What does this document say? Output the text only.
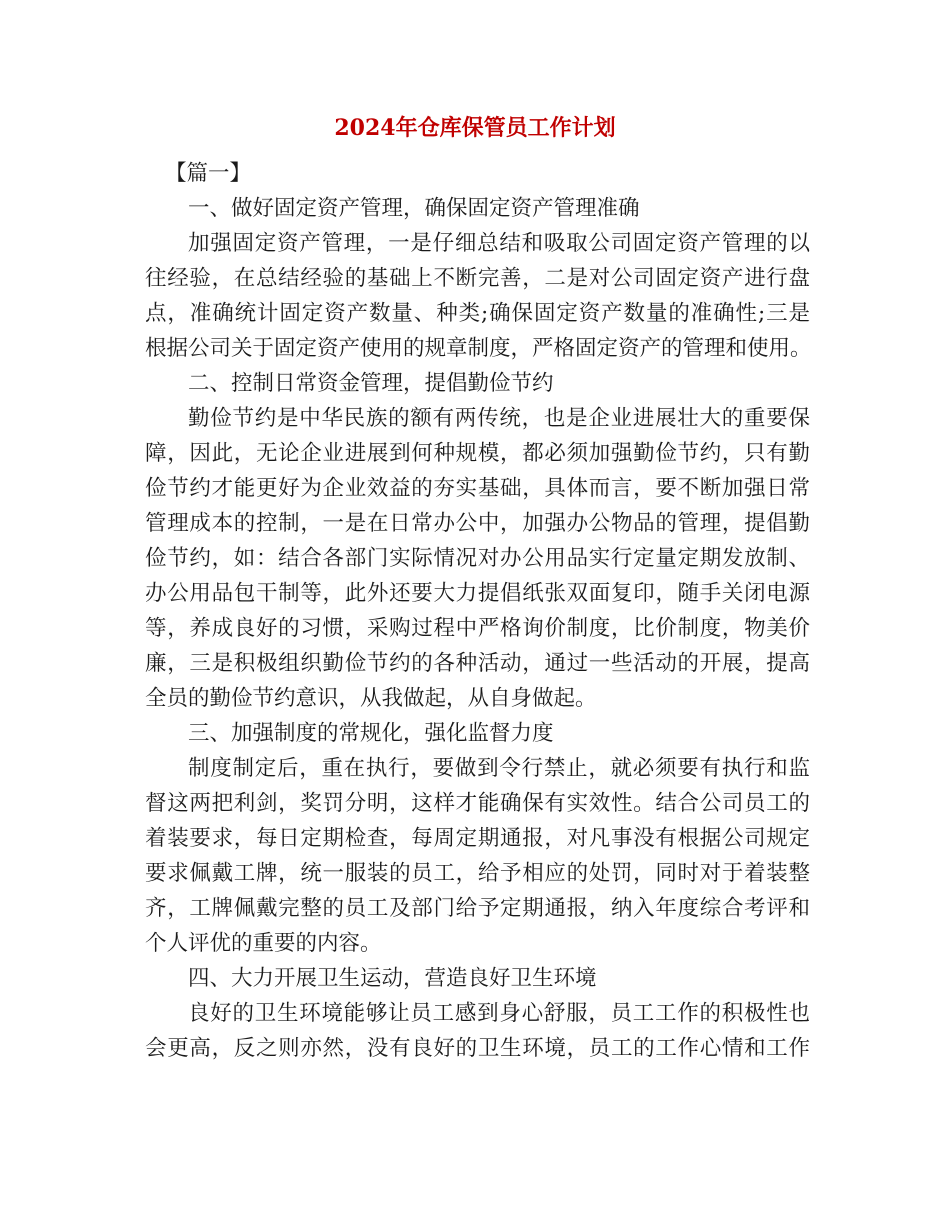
2024年仓库保管员工作计划
【篇一】
一、做好固定资产管理，确保固定资产管理准确
加强固定资产管理，一是仔细总结和吸取公司固定资产管理的以
往经验，在总结经验的基础上不断完善，二是对公司固定资产进行盘
点，准确统计固定资产数量、种类;确保固定资产数量的准确性;三是
根据公司关于固定资产使用的规章制度，严格固定资产的管理和使用。
二、控制日常资金管理，提倡勤俭节约
勤俭节约是中华民族的额有两传统，也是企业进展壮大的重要保
障，因此，无论企业进展到何种规模，都必须加强勤俭节约，只有勤
俭节约才能更好为企业效益的夯实基础，具体而言，要不断加强日常
管理成本的控制，一是在日常办公中，加强办公物品的管理，提倡勤
俭节约，如：结合各部门实际情况对办公用品实行定量定期发放制、
办公用品包干制等，此外还要大力提倡纸张双面复印，随手关闭电源
等，养成良好的习惯，采购过程中严格询价制度，比价制度，物美价
廉，三是积极组织勤俭节约的各种活动，通过一些活动的开展，提高
全员的勤俭节约意识，从我做起，从自身做起。
三、加强制度的常规化，强化监督力度
制度制定后，重在执行，要做到令行禁止，就必须要有执行和监
督这两把利剑，奖罚分明，这样才能确保有实效性。结合公司员工的
着装要求，每日定期检查，每周定期通报，对凡事没有根据公司规定
要求佩戴工牌，统一服装的员工，给予相应的处罚，同时对于着装整
齐，工牌佩戴完整的员工及部门给予定期通报，纳入年度综合考评和
个人评优的重要的内容。
四、大力开展卫生运动，营造良好卫生环境
良好的卫生环境能够让员工感到身心舒服，员工工作的积极性也
会更高，反之则亦然，没有良好的卫生环境，员工的工作心情和工作
